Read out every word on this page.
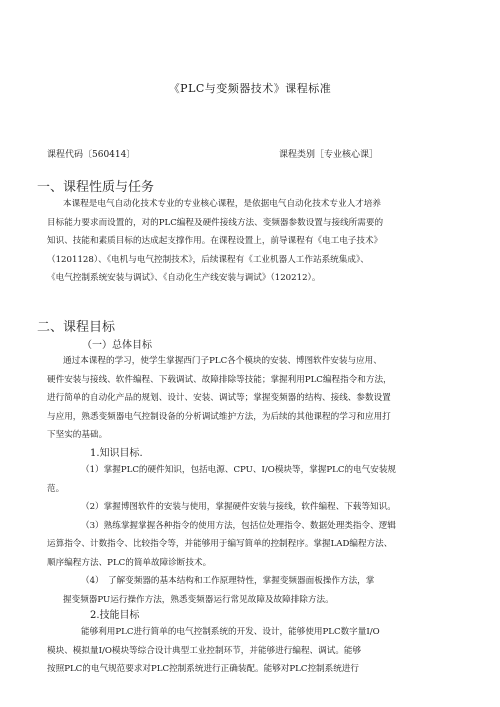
《PLC与变频器技术》课程标准
课程代码〔560414〕	课程类别［专业核心课］
一、课程性质与任务
本课程是电气自动化技术专业的专业核心课程，是依据电气自动化技术专业人才培养
目标能力要求而设置的，对的PLC编程及硬件接线方法、变频器参数设置与接线所需要的
知识、技能和素质目标的达成起支撑作用。在课程设置上，前导课程有《电工电子技术》
（1201128）、《电机与电气控制技术》，后续课程有《工业机器人工作站系统集成》、
《电气控制系统安装与调试》、《自动化生产线安装与调试》（120212）。
二、课程目标
（一）总体目标
通过本课程的学习，使学生掌握西门子PLC各个模块的安装、博图软件安装与应用、
硬件安装与接线、软件编程、下载调试、故障排除等技能；掌握利用PLC编程指令和方法，
进行简单的自动化产品的规划、设计、安装、调试等；掌握变频器的结构、接线、参数设置
与应用，熟悉变频器电气控制设备的分析调试维护方法，为后续的其他课程的学习和应用打
下坚实的基础。
1.知识目标.
（1）掌握PLC的硬件知识，包括电源、CPU、I/O模块等，掌握PLC的电气安装规
范。
（2）掌握博图软件的安装与使用，掌握硬件安装与接线，软件编程、下载等知识。
（3）熟练掌握掌握各种指令的使用方法，包括位处理指令、数据处理类指令、逻辑
运算指令、计数指令、比较指令等，并能够用于编写简单的控制程序。掌握LAD编程方法、
顺序编程方法、PLC的简单故障诊断技术。
（4）　了解变频器的基本结构和工作原理特性，掌握变频器面板操作方法，掌
握变频器PU运行操作方法，熟悉变频器运行常见故障及故障排除方法。
2.技能目标
能够利用PLC进行简单的电气控制系统的开发、设计，能够使用PLC数字量I/O
模块、模拟量I/O模块等综合设计典型工业控制环节，并能够进行编程、调试。能够
按照PLC的电气规范要求对PLC控制系统进行正确装配。能够对PLC控制系统进行
